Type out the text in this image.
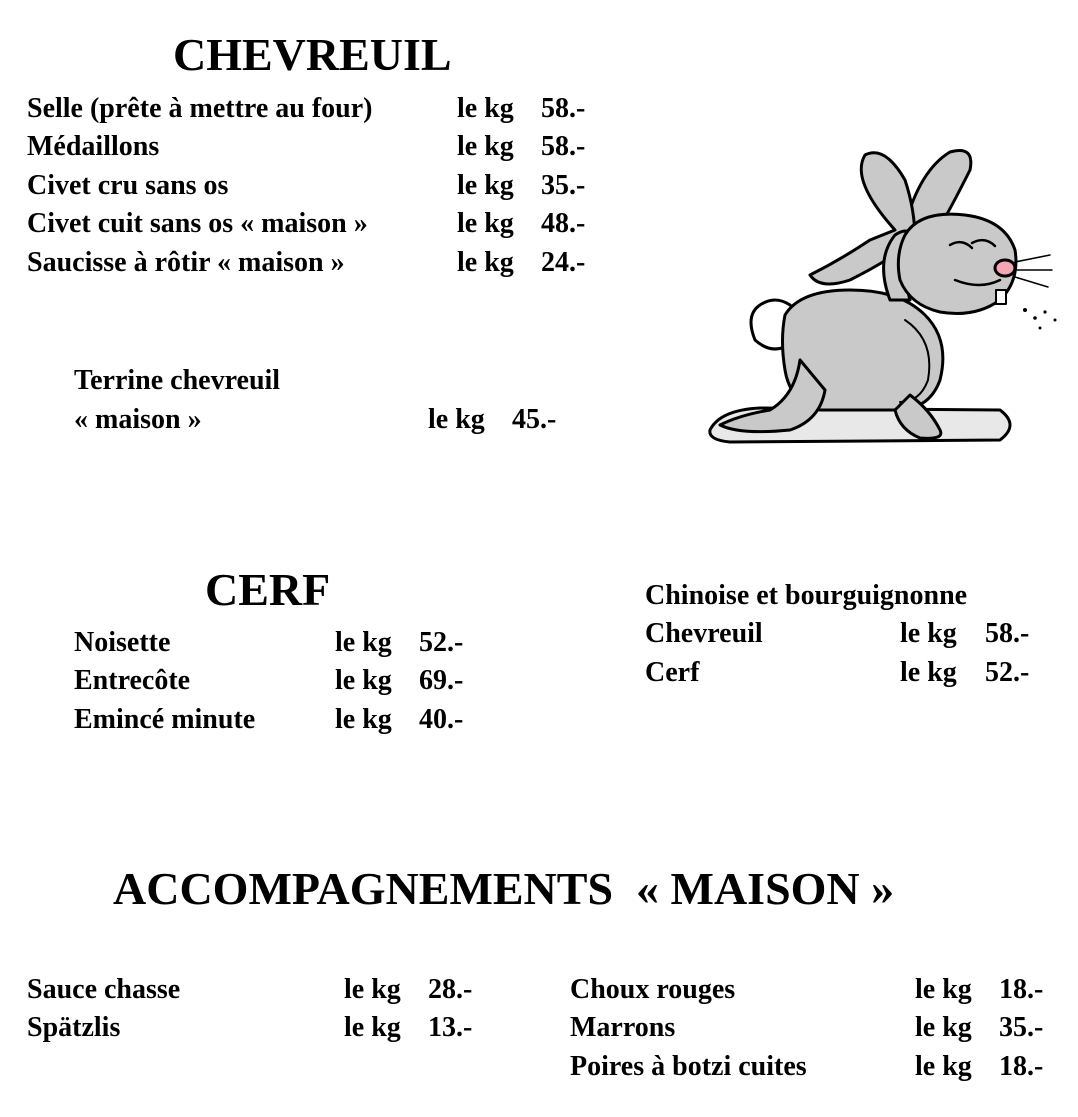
CHEVREUIL
Selle (prête à mettre au four)	le kg 58.-
Médaillons	le kg 58.-
Civet cru sans os	le kg 35.-
Civet cuit sans os « maison »	le kg 48.-
Saucisse à rôtir « maison »	le kg 24.-
Terrine chevreuil
« maison »	le kg 45.-
CERF
Noisette	le kg 52.-
Entrecôte	le kg 69.-
Emincé minute	le kg 40.-
Chinoise et bourguignonne
Chevreuil	le kg 58.-
Cerf	le kg 52.-
ACCOMPAGNEMENTS  « MAISON »
Sauce chasse	le kg 28.-
Spätzlis	le kg 13.-
Choux rouges	le kg 18.-
Marrons	le kg 35.-
Poires à botzi cuites	le kg 18.-
